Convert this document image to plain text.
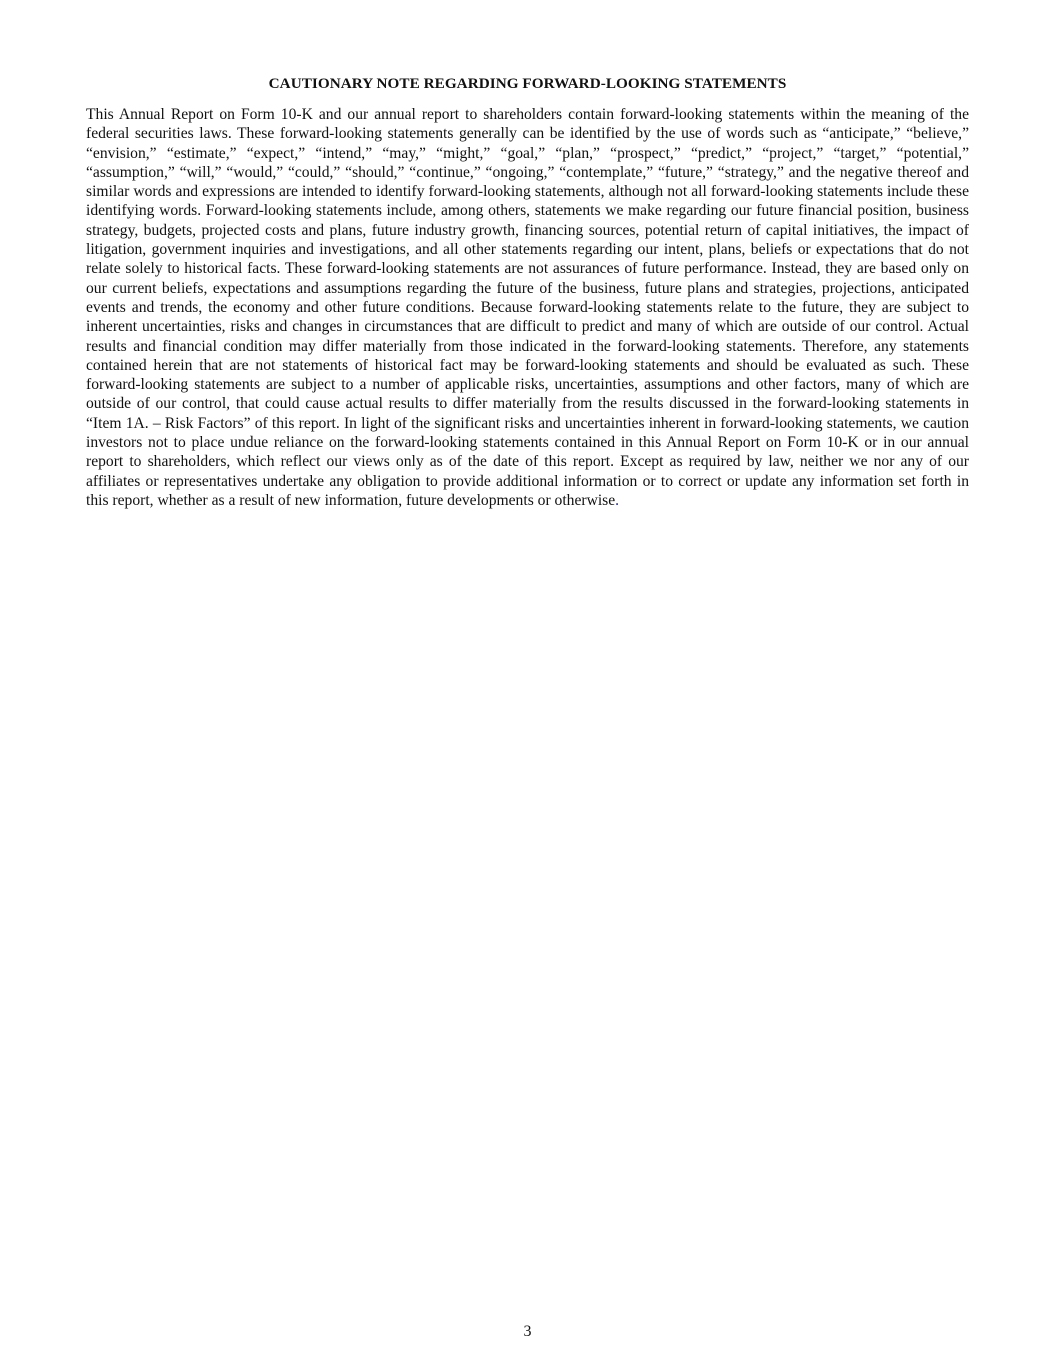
CAUTIONARY NOTE REGARDING FORWARD-LOOKING STATEMENTS

This Annual Report on Form 10-K and our annual report to shareholders contain forward-looking statements within the meaning of the federal securities laws. These forward-looking statements generally can be identified by the use of words such as “anticipate,” “believe,” “envision,” “estimate,” “expect,” “intend,” “may,” “might,” “goal,” “plan,” “prospect,” “predict,” “project,” “target,” “potential,” “assumption,” “will,” “would,” “could,” “should,” “continue,” “ongoing,” “contemplate,” “future,” “strategy,” and the negative thereof and similar words and expressions are intended to identify forward-looking statements, although not all forward-looking statements include these identifying words. Forward-looking statements include, among others, statements we make regarding our future financial position, business strategy, budgets, projected costs and plans, future industry growth, financing sources, potential return of capital initiatives, the impact of litigation, government inquiries and investigations, and all other statements regarding our intent, plans, beliefs or expectations that do not relate solely to historical facts. These forward-looking statements are not assurances of future performance. Instead, they are based only on our current beliefs, expectations and assumptions regarding the future of the business, future plans and strategies, projections, anticipated events and trends, the economy and other future conditions. Because forward-looking statements relate to the future, they are subject to inherent uncertainties, risks and changes in circumstances that are difficult to predict and many of which are outside of our control. Actual results and financial condition may differ materially from those indicated in the forward-looking statements. Therefore, any statements contained herein that are not statements of historical fact may be forward-looking statements and should be evaluated as such. These forward-looking statements are subject to a number of applicable risks, uncertainties, assumptions and other factors, many of which are outside of our control, that could cause actual results to differ materially from the results discussed in the forward-looking statements in “Item 1A. – Risk Factors” of this report. In light of the significant risks and uncertainties inherent in forward-looking statements, we caution investors not to place undue reliance on the forward-looking statements contained in this Annual Report on Form 10-K or in our annual report to shareholders, which reflect our views only as of the date of this report. Except as required by law, neither we nor any of our affiliates or representatives undertake any obligation to provide additional information or to correct or update any information set forth in this report, whether as a result of new information, future developments or otherwise.

3
